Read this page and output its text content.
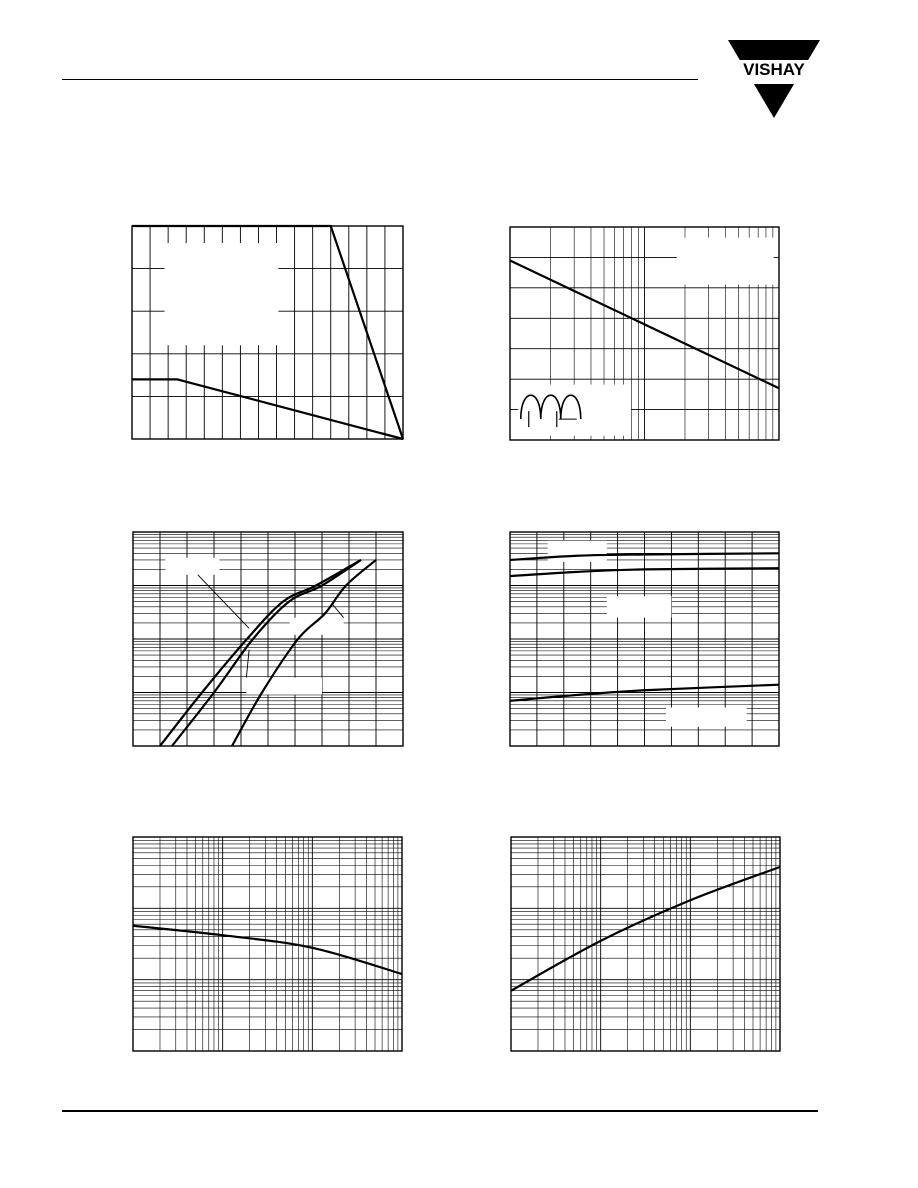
VISHAY
